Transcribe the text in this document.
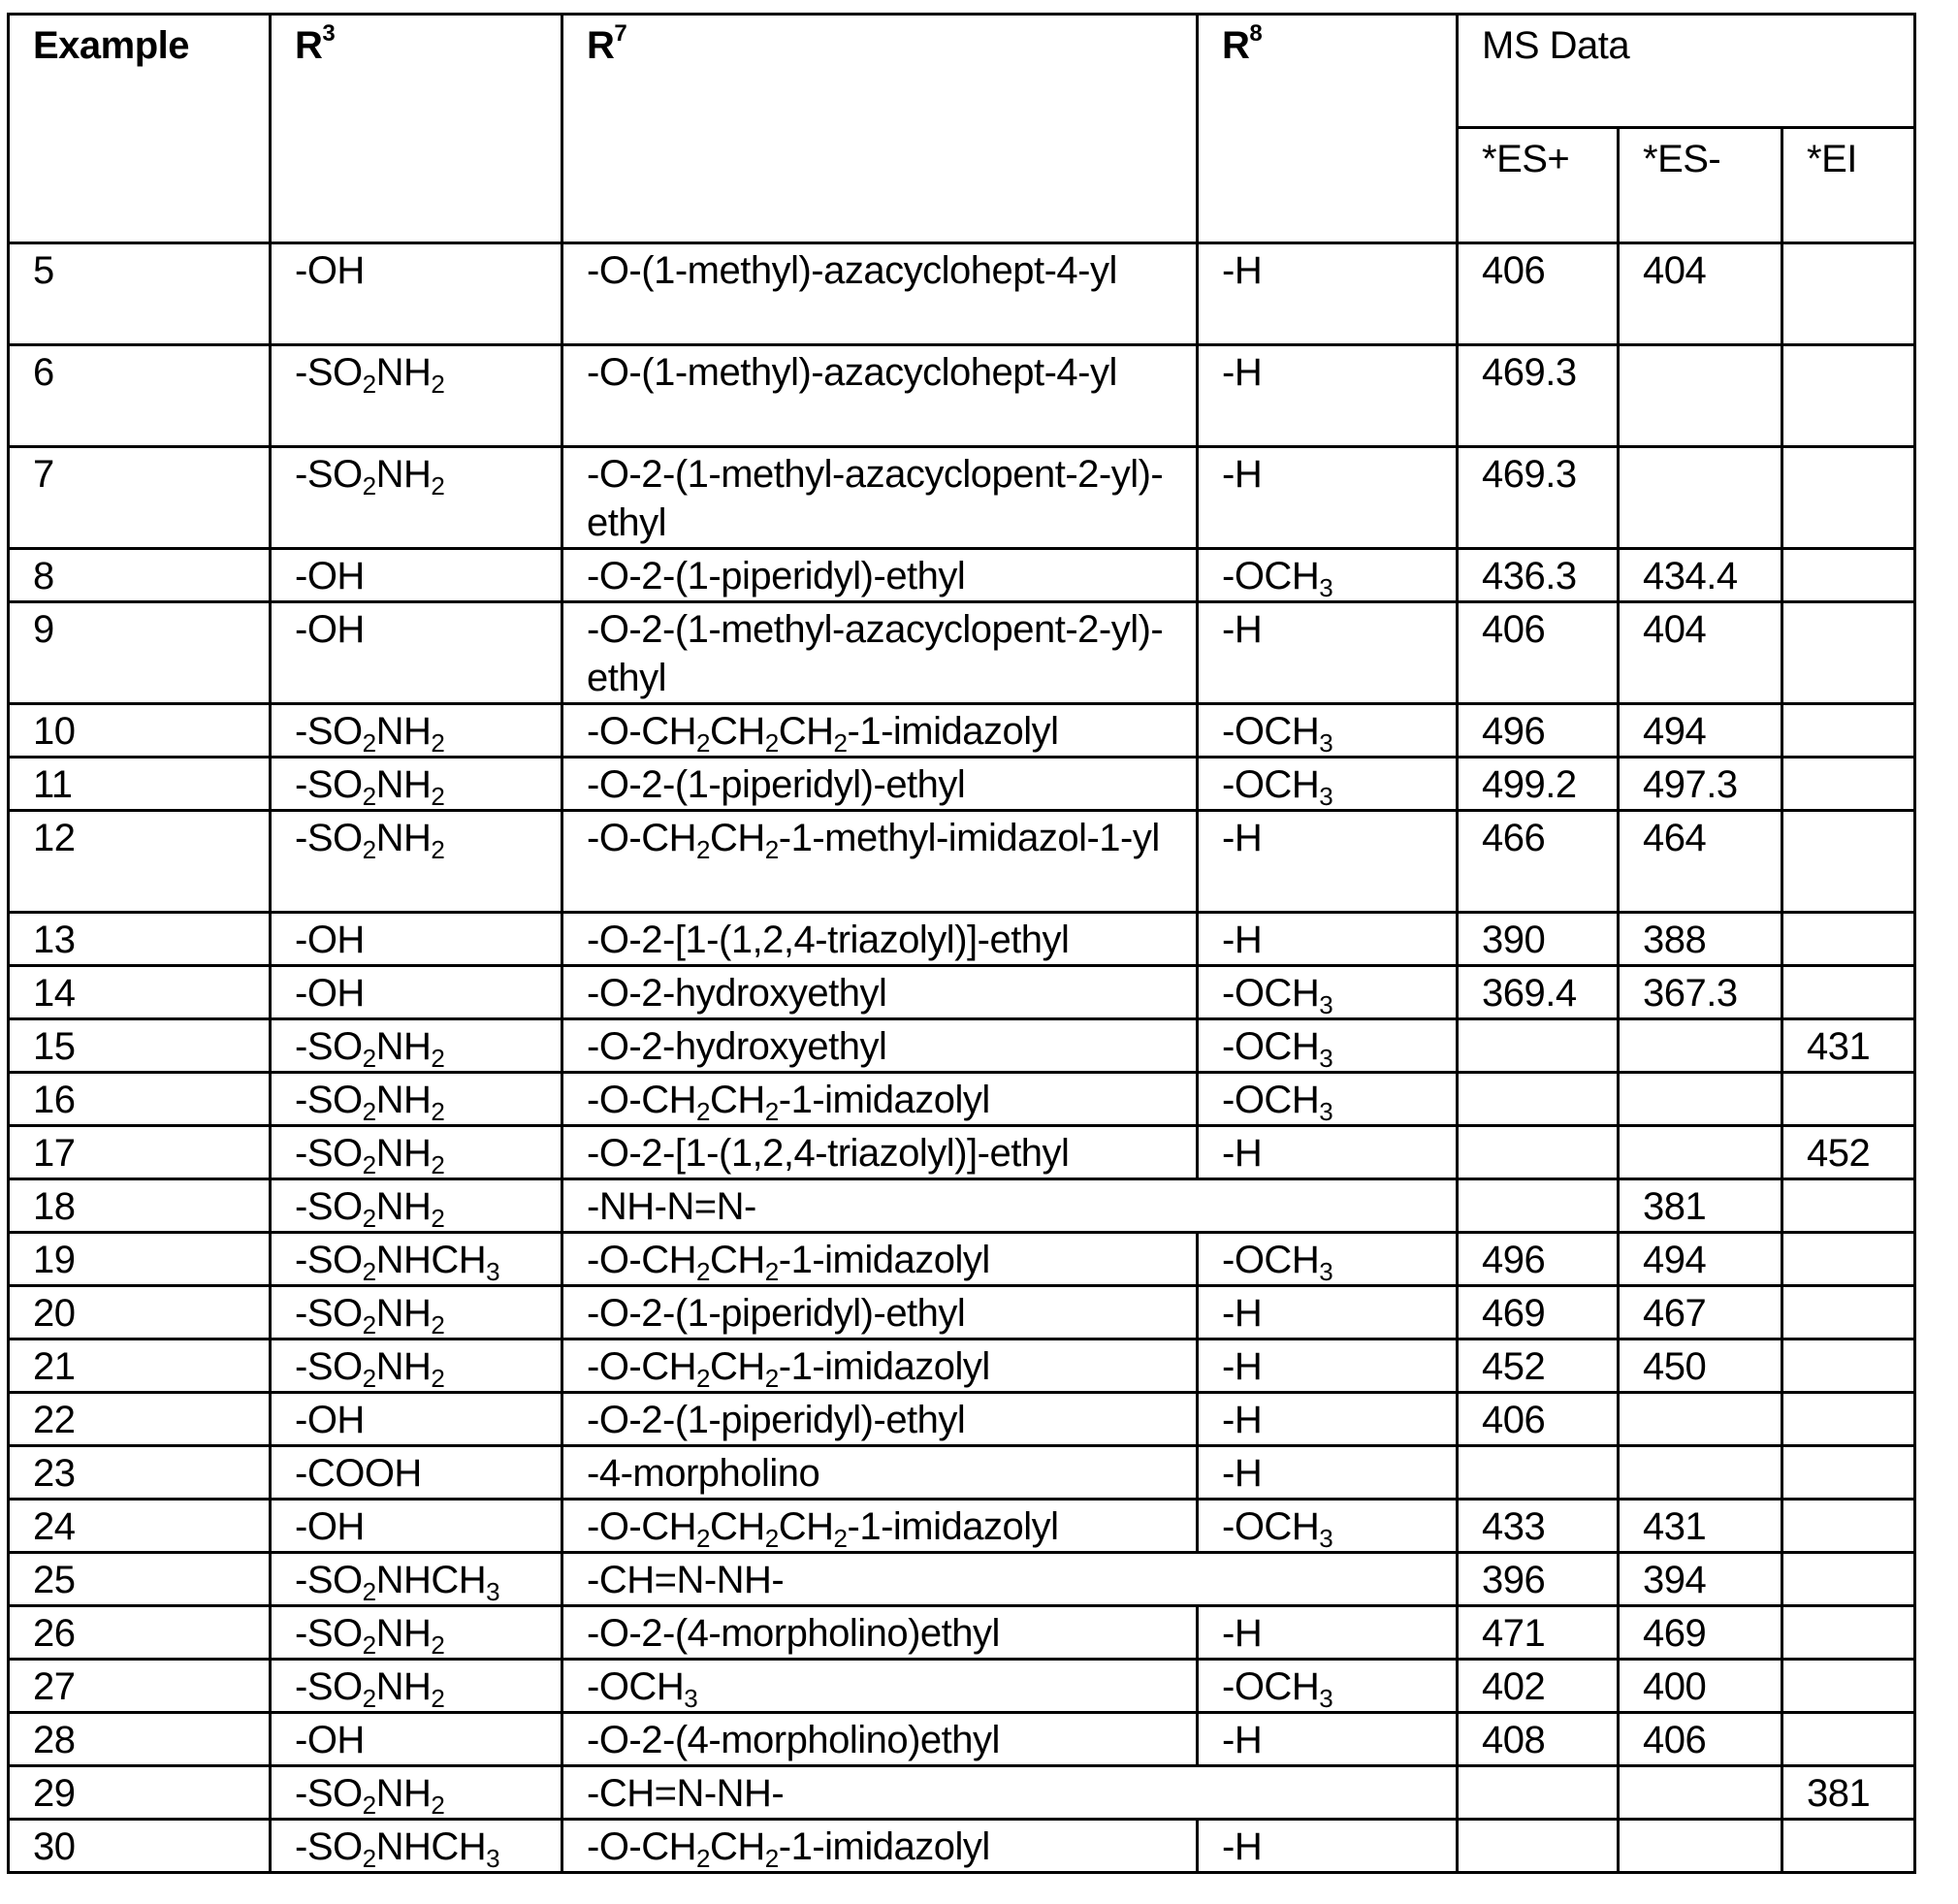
Example	$R^3$	$R^7$	$R^8$	MS Data		
				*ES+	*ES-	*EI
5	-OH	-O-(1-methyl)-azacyclohept-4-yl	-H	406	404	
6	$-SO_2NH_2$	-O-(1-methyl)-azacyclohept-4-yl	-H	469.3		
7	$-SO_2NH_2$	-O-2-(1-methyl-azacyclopent-2-yl)-ethyl	-H	469.3		
8	-OH	-O-2-(1-piperidyl)-ethyl	$-OCH_3$	436.3	434.4	
9	-OH	-O-2-(1-methyl-azacyclopent-2-yl)-ethyl	-H	406	404	
10	$-SO_2NH_2$	$-O-CH_2CH_2CH_2-1$-imidazolyl	$-OCH_3$	496	494	
11	$-SO_2NH_2$	-O-2-(1-piperidyl)-ethyl	$-OCH_3$	499.2	497.3	
12	$-SO_2NH_2$	$-O-CH_2CH_2-1-methyl-imidazol-1-yl$	-H	466	464	
13	-OH	-O-2-[1-(1,2,4-triazolyl)]-ethyl	-H	390	388	
14	-OH	-O-2-hydroxyethyl	$-OCH_3$	369.4	367.3	
15	$-SO_2NH_2$	-O-2-hydroxyethyl	$-OCH_3$			431
16	$-SO_2NH_2$	$-O-CH_2CH_2-1$-imidazolyl	$-OCH_3$			
17	$-SO_2NH_2$	-O-2-[1-(1,2,4-triazolyl)]-ethyl	-H			452
18	$-SO_2NH_2$	-NH-N=N-			381	
19	$-SO_2NHCH_3$	$-O-CH_2CH_2-1$-imidazolyl	$-OCH_3$	496	494	
20	$-SO_2NH_2$	-O-2-(1-piperidyl)-ethyl	-H	469	467	
21	$-SO_2NH_2$	$-O-CH_2CH_2-1$-imidazolyl	-H	452	450	
22	-OH	-O-2-(1-piperidyl)-ethyl	-H	406		
23	-COOH	-4-morpholino	-H			
24	-OH	$-O-CH_2CH_2CH_2-1$-imidazolyl	$-OCH_3$	433	431	
25	$-SO_2NHCH_3$	-CH=N-NH-		396	394	
26	$-SO_2NH_2$	-O-2-(4-morpholino)ethyl	-H	471	469	
27	$-SO_2NH_2$	$-OCH_3$	$-OCH_3$	402	400	
28	-OH	-O-2-(4-morpholino)ethyl	-H	408	406	
29	$-SO_2NH_2$	-CH=N-NH-				381
30	$-SO_2NHCH_3$	$-O-CH_2CH_2-1$-imidazolyl	-H			
